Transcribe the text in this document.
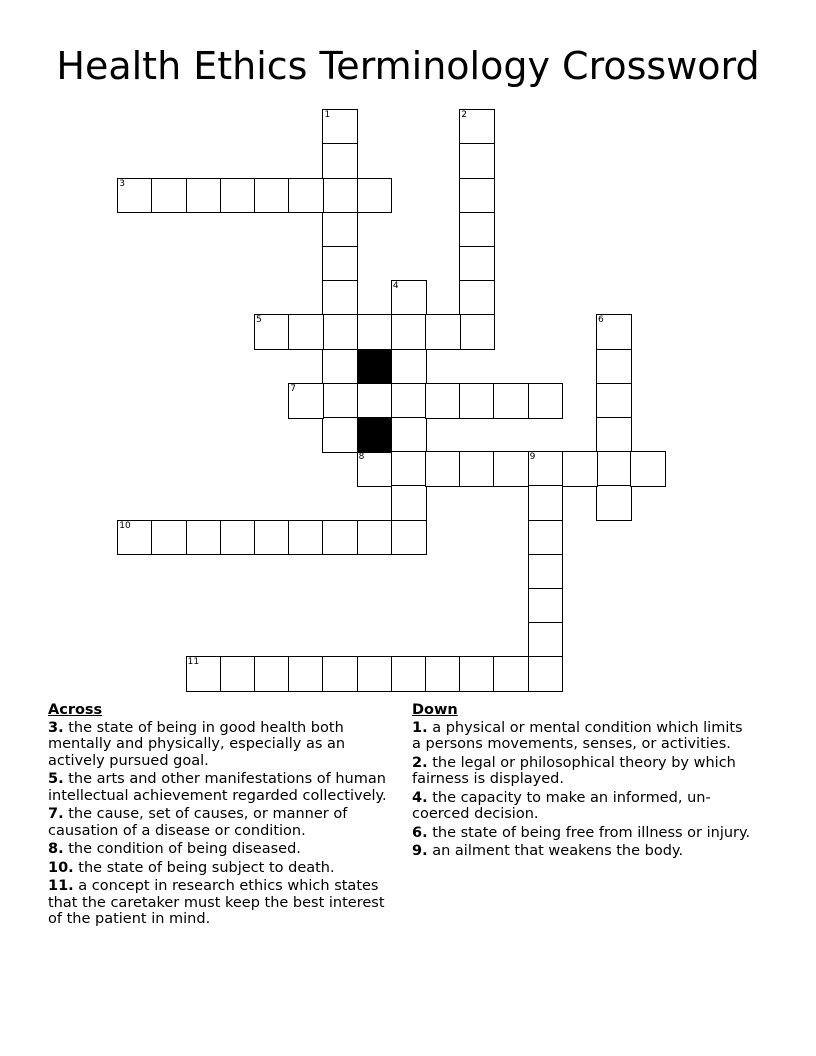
Health Ethics Terminology Crossword
1	2
3
4
5	6
7
8	9
10
11
Across
3. the state of being in good health both mentally and physically, especially as an actively pursued goal.
5. the arts and other manifestations of human intellectual achievement regarded collectively.
7. the cause, set of causes, or manner of causation of a disease or condition.
8. the condition of being diseased.
10. the state of being subject to death.
11. a concept in research ethics which states that the caretaker must keep the best interest of the patient in mind.
Down
1. a physical or mental condition which limits a persons movements, senses, or activities.
2. the legal or philosophical theory by which fairness is displayed.
4. the capacity to make an informed, un-coerced decision.
6. the state of being free from illness or injury.
9. an ailment that weakens the body.
